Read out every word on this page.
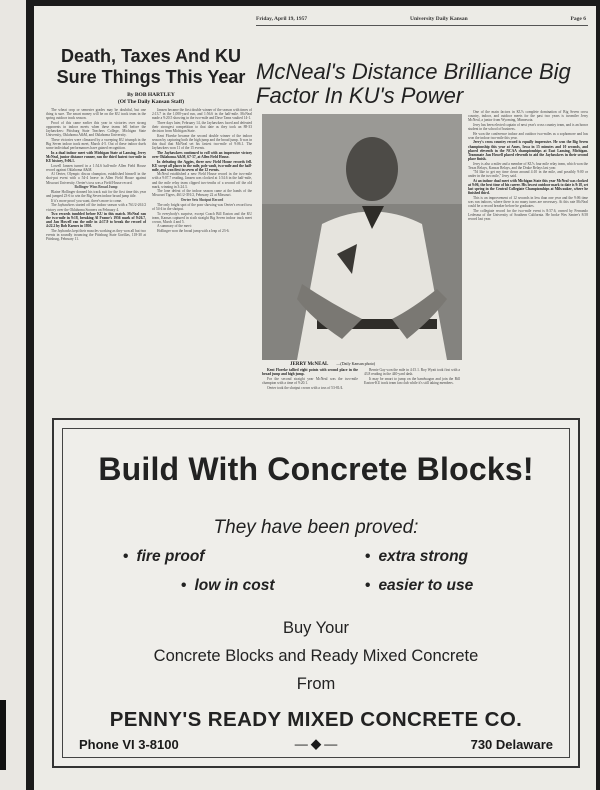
Friday, April 19, 1957	University Daily Kansan	Page 6
Death, Taxes And KU Sure Things This Year
By BOB HARTLEY
(Of The Daily Kansan Staff)

The wheat crop or semester grades may be doubtful, but one thing is sure. The smart money will be on the KU track team in the spring outdoor track season.

Proof of this came earlier this year in victories over strong opponents in indoor meets when these teams fell before the Jayhawkers: Pittsburg State Teachers College, Michigan State University, Oklahoma A&M, and Oklahoma University.

These victories were climaxed by a sweeping KU triumph in the Big Seven indoor track meet, March 4-5. Out of these indoor duels some individual performances have gained recognition.

In a dual indoor meet with Michigan State at Lansing, Jerry McNeal, junior distance runner, ran the third fastest two-mile in KU history, 9:06.1.

Lowell Janzen turned in a 1:54.6 half-mile Allen Field House record against Oklahoma A&M.

Al Oerter, Olympic discus champion, established himself in the shot-put event with a 54-4 heave in Allen Field House against Missouri University. Oerter's toss was a Field House record.

Bollinger Wins Broad Jump

Blaine Hollinger donned his track suit for the first time this year and jumped 23-6 to win the Big Seven indoor broad jump title.

If it's more proof you want, there's more to come.

The Jayhawkers started off the indoor season with a 761/2-261/2 victory over the Oklahoma Sooners on February 4.

Two records tumbled before KU in this match. McNeal ran the two-mile in 9:18, breaking Al Frame's 1956 mark of 9:26.7, and Jan Howell ran the mile in 4:17.9 to break the record of 4:22.2 by Bob Karnes in 1950.

The Jayhawks kept their muscles working as they won all but two events in soundly trouncing the Pittsburg State Gorillas, 118-30 at Pittsburg, February 11.

Janzen became the first double winner of the season with times of 2:13.7 in the 1,000-yard run, and 1:56.6 in the half-mile. McNeal made a 9:20.5 showing in the two-mile and Dave Tams vaulted 14-1.

Three days later, February 14, the Jayhawkers faced and defeated their strongest competition to that date as they took an 88-33 decision from Michigan State.

Kent Floerke became the second double winner of the indoor season by capturing both the high jump and the broad jump. It was in this dual that McNeal set his fastest two-mile of 9:06.1. The Jayhawkers won 11 of the 15 events.

The Jayhawkers continued to roll with an impressive victory over Oklahoma A&M, 67-37, at Allen Field House.

In defeating the Aggies, three new Field House records fell. KU swept all places in the mile, pole vault, two-mile and the half-mile, and won first in seven of the 12 events.

McNeal established a new Field House record in the two-mile with a 9:07.7 reading, Janzen was clocked at 1:54.6 in the half-mile, and the mile relay team clipped two-tenths of a second off the old mark, winning in 3:24.3.

The lone defeat of the indoor season came at the hands of the Missouri Tigers, 461/2-391/2, February 22 at Missouri.

Oerter Sets Shotput Record

The only bright spot of the poor showing was Oerter's record toss of 54-4 in the shotput.

To everybody's surprise, except Coach Bill Easton and the KU team, Kansas captured in sixth straight Big Seven indoor track meet crown, March 4 and 5.

A summary of the meet:

Hollinger won the broad jump with a leap of 23-6.

McNeal's Distance Brilliance Big Factor In KU's Power
JERRY McNEAL —(Daily Kansan photo)

Kent Floerke tallied eight points with second place in the broad jump and high jump.

For the second straight year McNeal was the two-mile champion with a time of 9:20.1.

Oerter took the shotput crown with a toss of 53-81/4.

Bernie Gay won the mile in 4:15.1. Roy Wyatt took first with a 43.8 reading in the 440-yard dash.

It may be smart to jump on the bandwagon and join the Bill Easton-KU track team fan club while it's still taking members.

One of the main factors in KU's complete domination of Big Seven cross country, indoor, and outdoor meets for the past two years is twomiler Jerry McNeal, a junior from Wyoming, Minnesota.

Jerry has been elected captain of next year's cross country team, and is an honor student in the school of business.

He won the conference indoor and outdoor two-miles as a sophomore and has won the indoor two-mile this year.

Jerry's cross country record is equally impressive. He won the Big Seven championship this year at Ames, Iowa in 15 minutes and 10 seconds, and placed eleventh in the NCAA championships at East Lansing, Michigan. Teammate Jan Howell placed eleventh to aid the Jayhawkers in their second place finish.

Jerry is also a miler and a member of KU's four mile relay team, which won the Texas Relays, Kansas Relays, and the Drake Relays last year.

"I'd like to get my time down around 4:10 in the mile, and possibly 9:00 or under in the two mile," Jerry said.

At an indoor dual meet with Michigan State this year McNeal was clocked at 9:06, the best time of his career. His lowest outdoor mark to date is 9:18, set last spring in the Central Collegiate Championships at Milwaukee, where he finished third.

This is an improvement of 12 seconds in less than one year and the 9:06 time was run indoors, where there is no many turns are necessary. At this rate McNeal could be a record breaker before he graduates.

The collegiate record for the two-mile event is 8:57.6, owned by Fernando Ledesma of the University of Southern California. He broke Wes Santee's 8:58 record last year.

Build With Concrete Blocks!
They have been proved:
• fire proof	• extra strong
• low in cost	• easier to use
Buy Your
Concrete Blocks and Ready Mixed Concrete
From
PENNY'S READY MIXED CONCRETE CO.
Phone VI 3-8100	— ◆ —	730 Delaware
